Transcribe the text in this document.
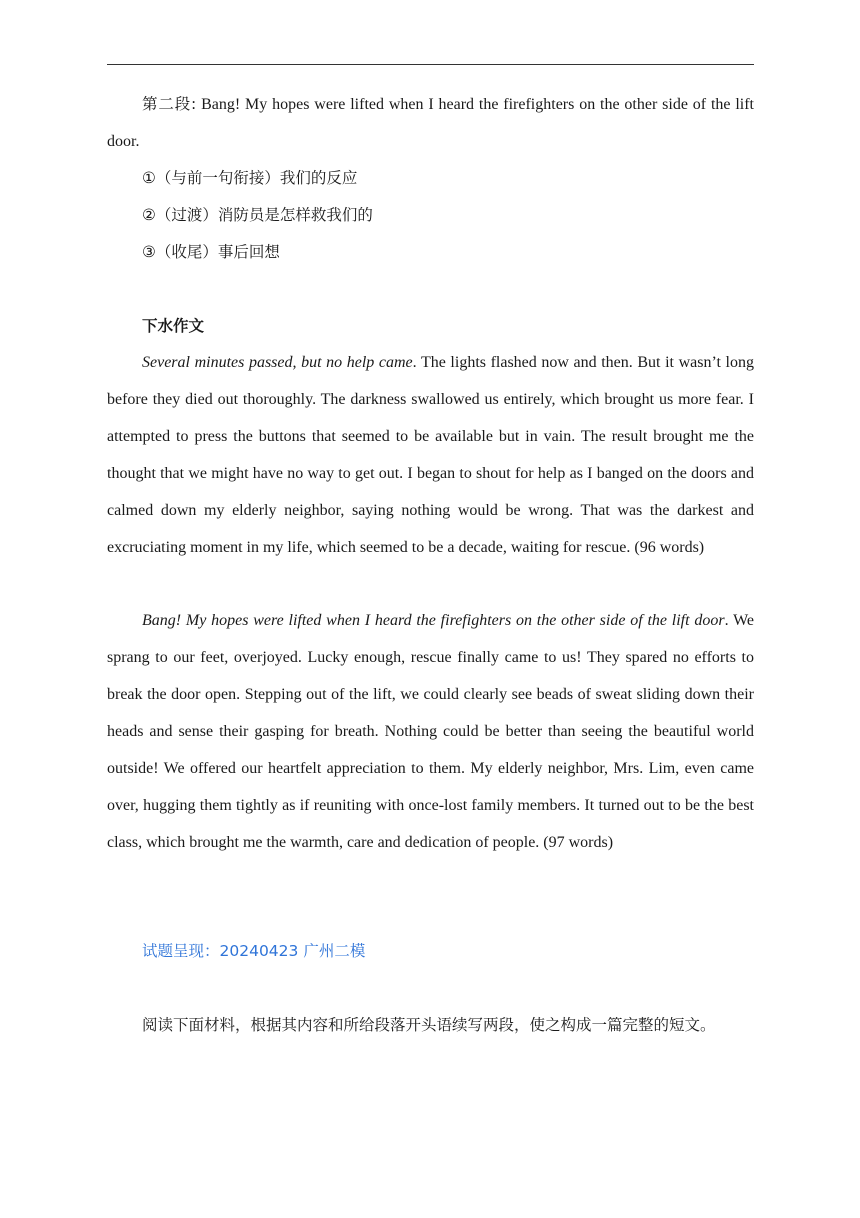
第二段: Bang! My hopes were lifted when I heard the firefighters on the other side of the lift door.
①（与前一句衔接）我们的反应
②（过渡）消防员是怎样救我们的
③（收尾）事后回想
下水作文
Several minutes passed, but no help came. The lights flashed now and then. But it wasn’t long before they died out thoroughly. The darkness swallowed us entirely, which brought us more fear. I attempted to press the buttons that seemed to be available but in vain. The result brought me the thought that we might have no way to get out. I began to shout for help as I banged on the doors and calmed down my elderly neighbor, saying nothing would be wrong. That was the darkest and excruciating moment in my life, which seemed to be a decade, waiting for rescue. (96 words)
Bang! My hopes were lifted when I heard the firefighters on the other side of the lift door. We sprang to our feet, overjoyed. Lucky enough, rescue finally came to us! They spared no efforts to break the door open. Stepping out of the lift, we could clearly see beads of sweat sliding down their heads and sense their gasping for breath. Nothing could be better than seeing the beautiful world outside! We offered our heartfelt appreciation to them. My elderly neighbor, Mrs. Lim, even came over, hugging them tightly as if reuniting with once-lost family members. It turned out to be the best class, which brought me the warmth, care and dedication of people. (97 words)
试题呈现：20240423 广州二模
阅读下面材料，根据其内容和所给段落开头语续写两段，使之构成一篇完整的短文。
